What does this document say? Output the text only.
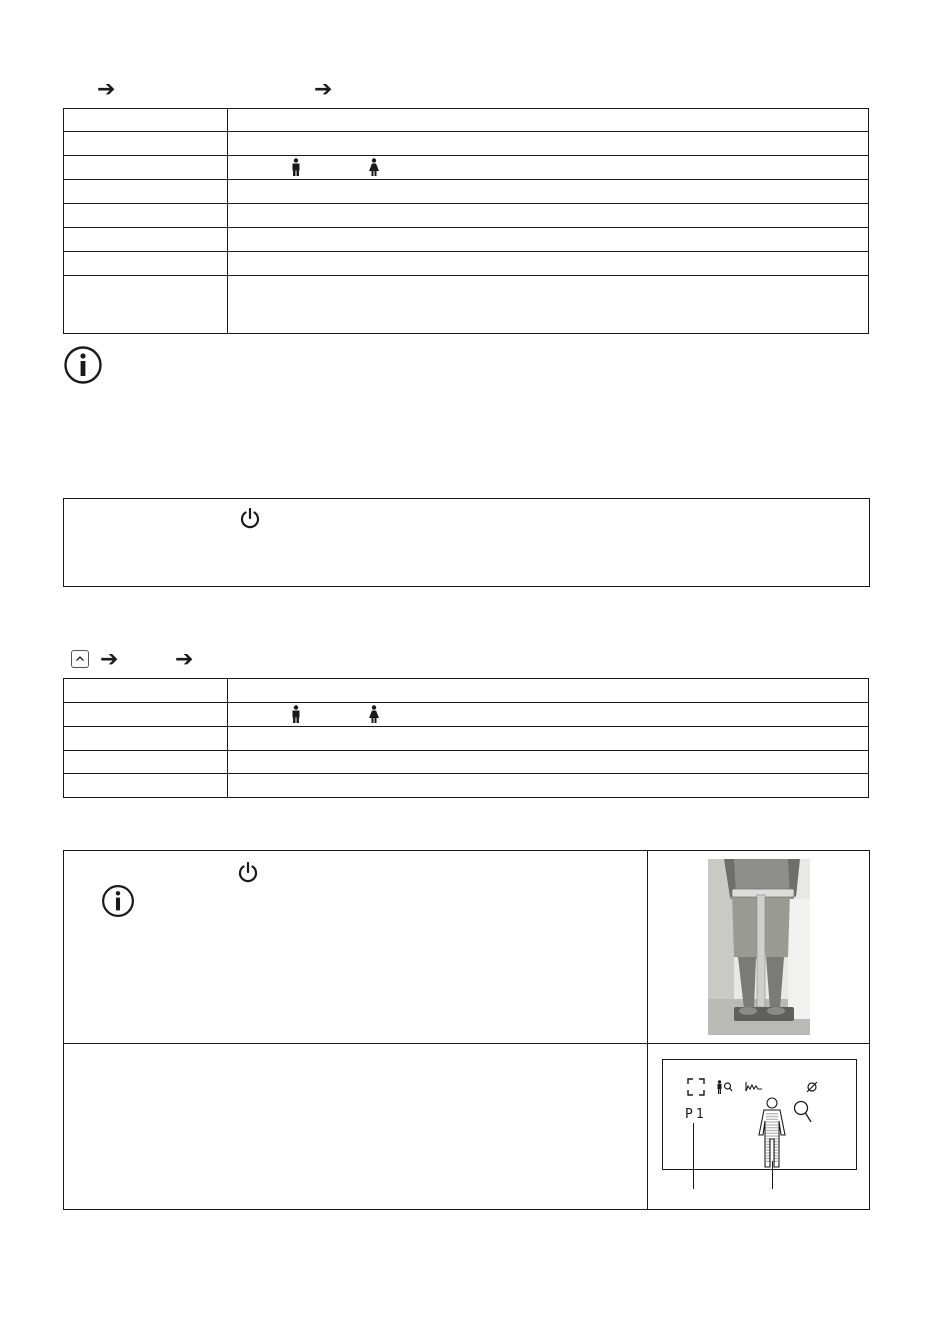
➔	➔

➔	➔

P1
